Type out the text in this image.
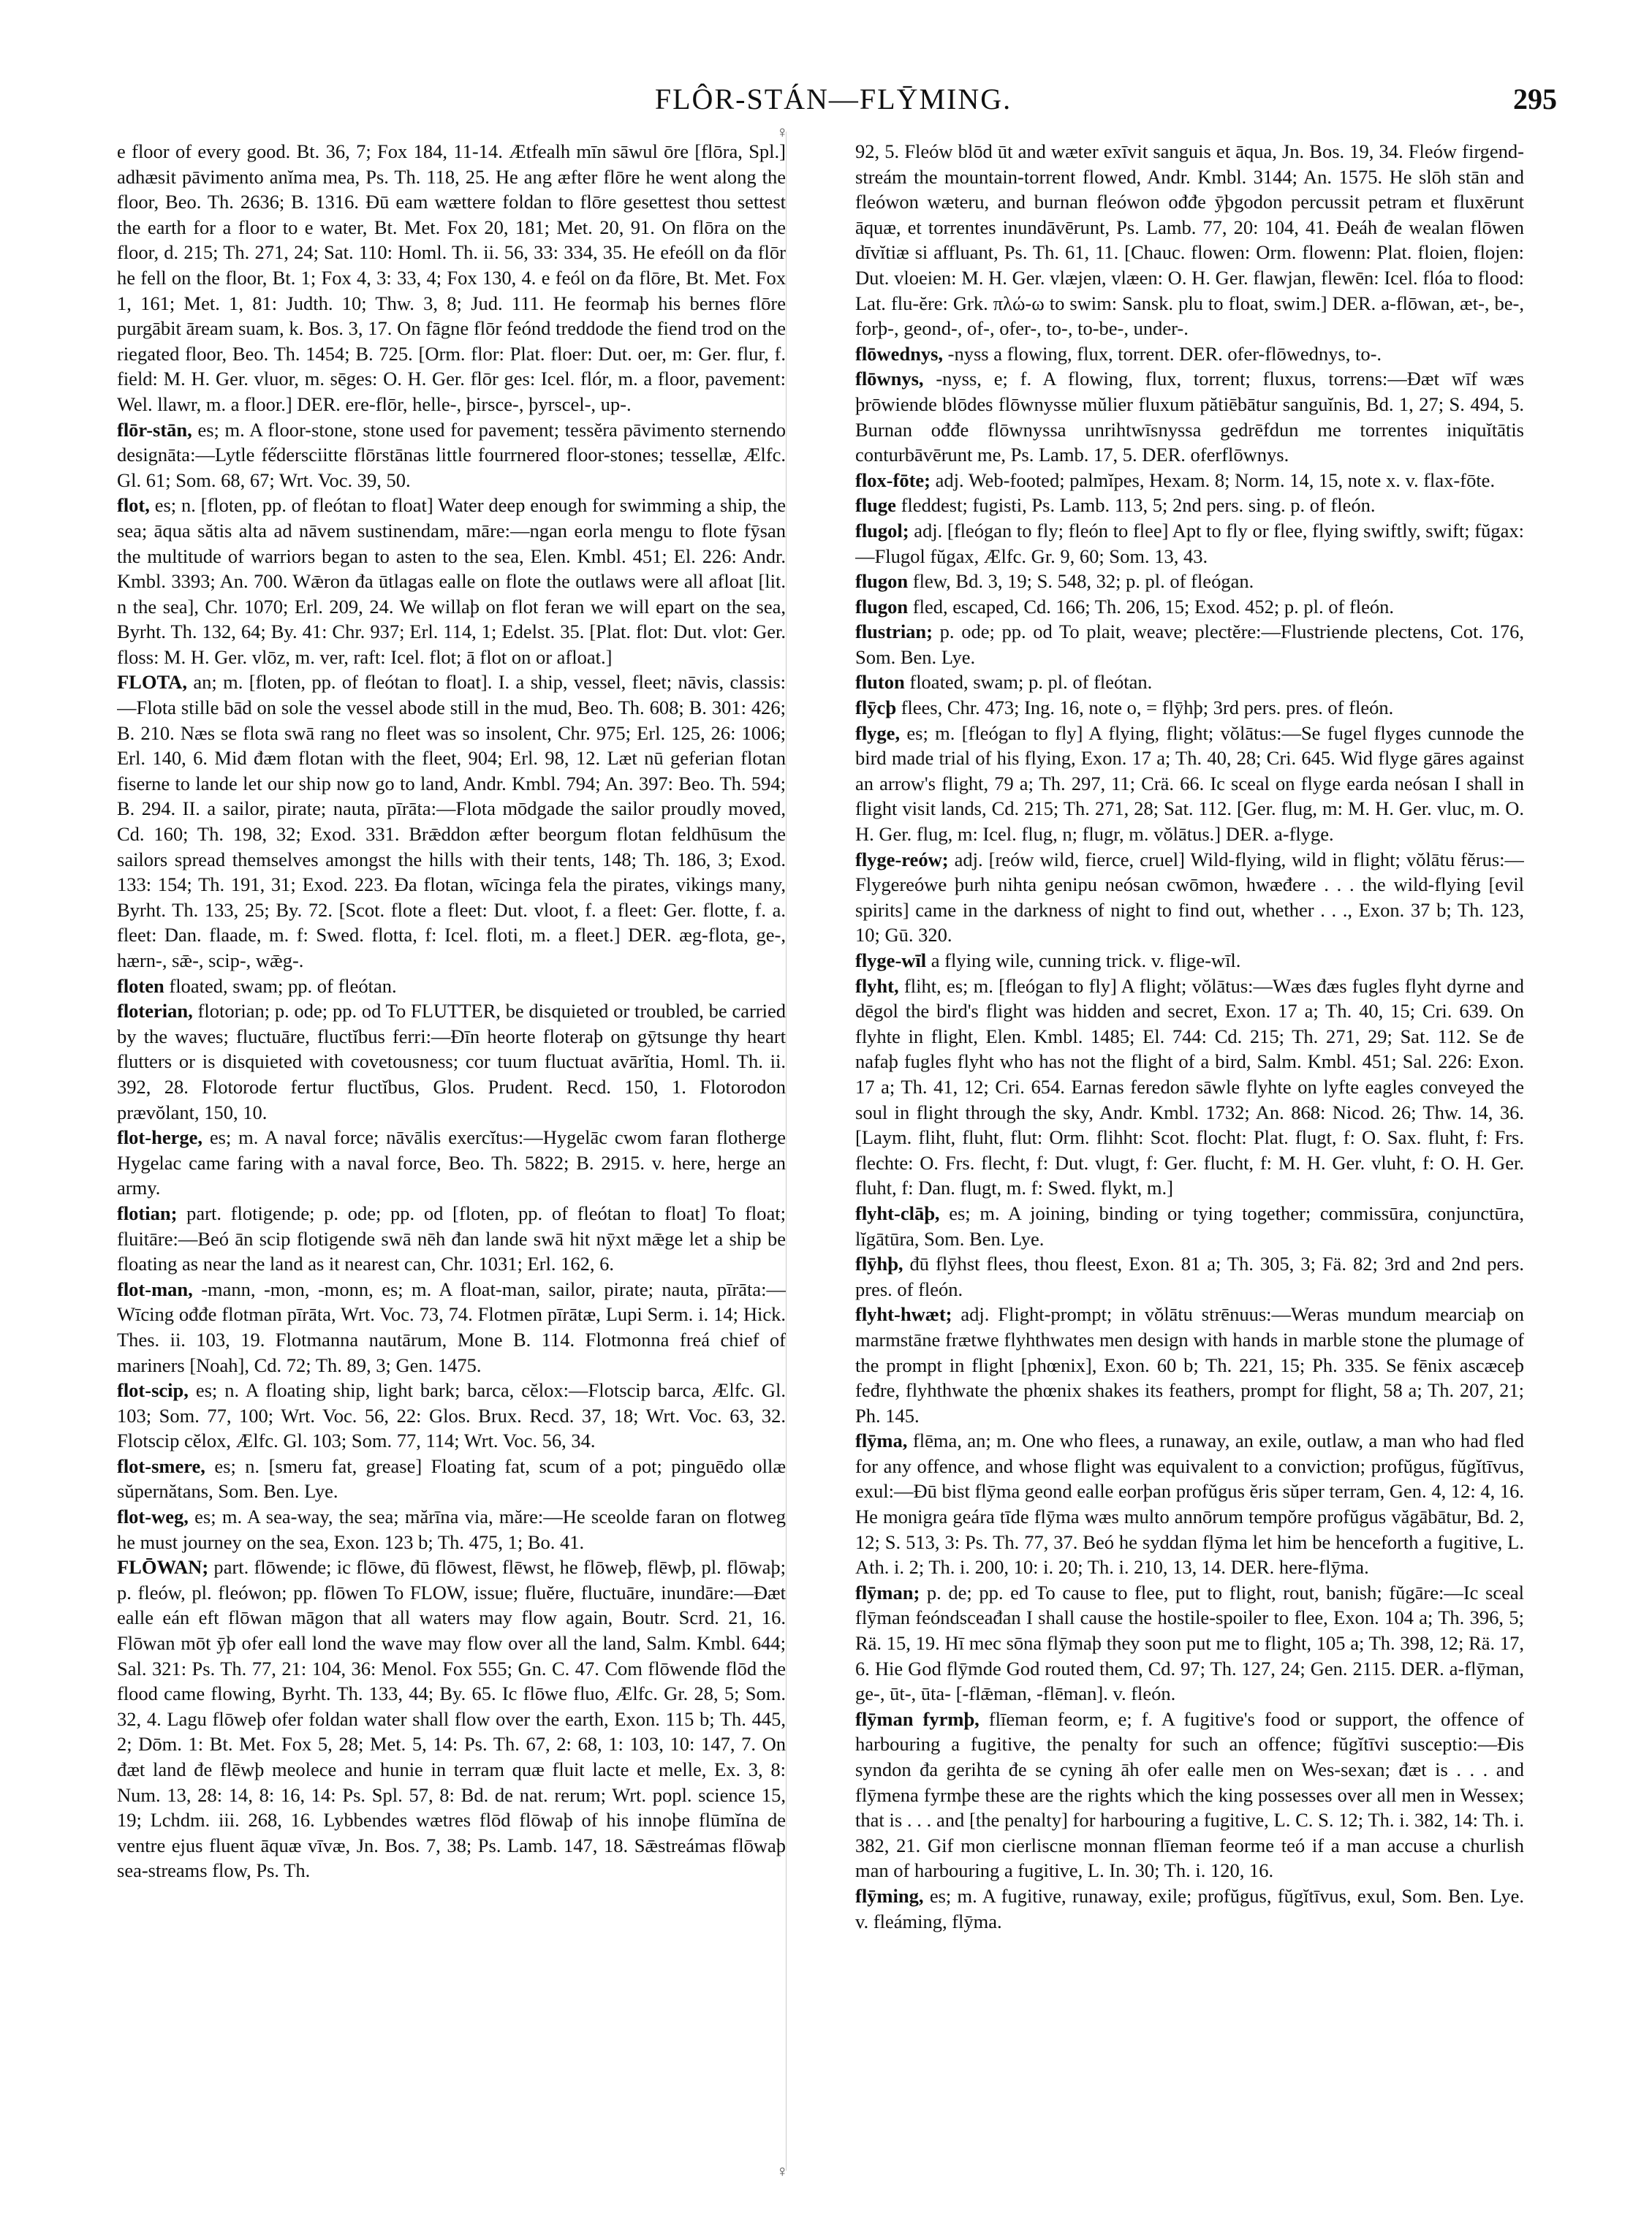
FLÔR-STÁN—FLȲMING.	295
♀

e floor of every good. Bt. 36, 7; Fox 184, 11-14. Ætfealh mīn sāwul ōre [flōra, Spl.] adhæsit pāvimento anĭma mea, Ps. Th. 118, 25. He ang æfter flōre he went along the floor, Beo. Th. 2636; B. 1316. Đū eam wættere foldan to flōre gesettest thou settest the earth for a floor to e water, Bt. Met. Fox 20, 181; Met. 20, 91. On flōra on the floor, d. 215; Th. 271, 24; Sat. 110: Homl. Th. ii. 56, 33: 334, 35. He efeóll on đa flōr he fell on the floor, Bt. 1; Fox 4, 3: 33, 4; Fox 130, 4. e feól on đa flōre, Bt. Met. Fox 1, 161; Met. 1, 81: Judth. 10; Thw. 3, 8; Jud. 111. He feormaþ his bernes flōre purgābit āream suam, k. Bos. 3, 17. On fāgne flōr feónd treddode the fiend trod on the riegated floor, Beo. Th. 1454; B. 725. [Orm. flor: Plat. floer: Dut. oer, m: Ger. flur, f. field: M. H. Ger. vluor, m. sēges: O. H. Ger. flōr ges: Icel. flór, m. a floor, pavement: Wel. llawr, m. a floor.] DER. ere-flōr, helle-, þirsce-, þyrscel-, up-.

flōr-stān, es; m. A floor-stone, stone used for pavement; tessĕra pāvimento sternendo designāta:—Lytle fe̋dersciitte flōrstānas little fourrnered floor-stones; tessellæ, Ælfc. Gl. 61; Som. 68, 67; Wrt. Voc. 39, 50.

flot, es; n. [floten, pp. of fleótan to float] Water deep enough for swimming a ship, the sea; āqua sătis alta ad nāvem sustinendam, māre:—ngan eorla mengu to flote fȳsan the multitude of warriors began to asten to the sea, Elen. Kmbl. 451; El. 226: Andr. Kmbl. 3393; An. 700. Wǣron đa ūtlagas ealle on flote the outlaws were all afloat [lit. n the sea], Chr. 1070; Erl. 209, 24. We willaþ on flot feran we will epart on the sea, Byrht. Th. 132, 64; By. 41: Chr. 937; Erl. 114, 1; Edelst. 35. [Plat. flot: Dut. vlot: Ger. floss: M. H. Ger. vlōz, m. ver, raft: Icel. flot; ā flot on or afloat.]

FLOTA, an; m. [floten, pp. of fleótan to float]. I. a ship, vessel, fleet; nāvis, classis:—Flota stille bād on sole the vessel abode still in the mud, Beo. Th. 608; B. 301: 426; B. 210. Næs se flota swā rang no fleet was so insolent, Chr. 975; Erl. 125, 26: 1006; Erl. 140, 6. Mid đæm flotan with the fleet, 904; Erl. 98, 12. Læt nū geferian flotan fiserne to lande let our ship now go to land, Andr. Kmbl. 794; An. 397: Beo. Th. 594; B. 294. II. a sailor, pirate; nauta, pīrāta:—Flota mōdgade the sailor proudly moved, Cd. 160; Th. 198, 32; Exod. 331. Brǣddon æfter beorgum flotan feldhūsum the sailors spread themselves amongst the hills with their tents, 148; Th. 186, 3; Exod. 133: 154; Th. 191, 31; Exod. 223. Đa flotan, wīcinga fela the pirates, vikings many, Byrht. Th. 133, 25; By. 72. [Scot. flote a fleet: Dut. vloot, f. a fleet: Ger. flotte, f. a. fleet: Dan. flaade, m. f: Swed. flotta, f: Icel. floti, m. a fleet.] DER. æg-flota, ge-, hærn-, sǣ-, scip-, wǣg-.

floten floated, swam; pp. of fleótan.

floterian, flotorian; p. ode; pp. od To FLUTTER, be disquieted or troubled, be carried by the waves; fluctuāre, fluctĭbus ferri:—Đīn heorte floteraþ on gȳtsunge thy heart flutters or is disquieted with covetousness; cor tuum fluctuat avārĭtia, Homl. Th. ii. 392, 28. Flotorode fertur fluctĭbus, Glos. Prudent. Recd. 150, 1. Flotorodon prævŏlant, 150, 10.

flot-herge, es; m. A naval force; nāvālis exercĭtus:—Hygelāc cwom faran flotherge Hygelac came faring with a naval force, Beo. Th. 5822; B. 2915. v. here, herge an army.

flotian; part. flotigende; p. ode; pp. od [floten, pp. of fleótan to float] To float; fluitāre:—Beó ān scip flotigende swā nēh đan lande swā hit nȳxt mǣge let a ship be floating as near the land as it nearest can, Chr. 1031; Erl. 162, 6.

flot-man, -mann, -mon, -monn, es; m. A float-man, sailor, pirate; nauta, pīrāta:—Wīcing ođđe flotman pīrāta, Wrt. Voc. 73, 74. Flotmen pīrātæ, Lupi Serm. i. 14; Hick. Thes. ii. 103, 19. Flotmanna nautārum, Mone B. 114. Flotmonna freá chief of mariners [Noah], Cd. 72; Th. 89, 3; Gen. 1475.

flot-scip, es; n. A floating ship, light bark; barca, cĕlox:—Flotscip barca, Ælfc. Gl. 103; Som. 77, 100; Wrt. Voc. 56, 22: Glos. Brux. Recd. 37, 18; Wrt. Voc. 63, 32. Flotscip cĕlox, Ælfc. Gl. 103; Som. 77, 114; Wrt. Voc. 56, 34.

flot-smere, es; n. [smeru fat, grease] Floating fat, scum of a pot; pinguēdo ollæ sŭpernătans, Som. Ben. Lye.

flot-weg, es; m. A sea-way, the sea; mărīna via, măre:—He sceolde faran on flotweg he must journey on the sea, Exon. 123 b; Th. 475, 1; Bo. 41.

FLŌWAN; part. flōwende; ic flōwe, đū flōwest, flēwst, he flōweþ, flēwþ, pl. flōwaþ; p. fleów, pl. fleówon; pp. flōwen To FLOW, issue; fluĕre, fluctuāre, inundāre:—Đæt ealle eán eft flōwan māgon that all waters may flow again, Boutr. Scrd. 21, 16. Flōwan mōt ȳþ ofer eall lond the wave may flow over all the land, Salm. Kmbl. 644; Sal. 321: Ps. Th. 77, 21: 104, 36: Menol. Fox 555; Gn. C. 47. Com flōwende flōd the flood came flowing, Byrht. Th. 133, 44; By. 65. Ic flōwe fluo, Ælfc. Gr. 28, 5; Som. 32, 4. Lagu flōweþ ofer foldan water shall flow over the earth, Exon. 115 b; Th. 445, 2; Dōm. 1: Bt. Met. Fox 5, 28; Met. 5, 14: Ps. Th. 67, 2: 68, 1: 103, 10: 147, 7. On đæt land đe flēwþ meolece and hunie in terram quæ fluit lacte et melle, Ex. 3, 8: Num. 13, 28: 14, 8: 16, 14: Ps. Spl. 57, 8: Bd. de nat. rerum; Wrt. popl. science 15, 19; Lchdm. iii. 268, 16. Lybbendes wætres flōd flōwaþ of his innoþe flūmĭna de ventre ejus fluent āquæ vīvæ, Jn. Bos. 7, 38; Ps. Lamb. 147, 18. Sǣstreámas flōwaþ sea-streams flow, Ps. Th.

92, 5. Fleów blōd ūt and wæter exīvit sanguis et āqua, Jn. Bos. 19, 34. Fleów firgend-streám the mountain-torrent flowed, Andr. Kmbl. 3144; An. 1575. He slōh stān and fleówon wæteru, and burnan fleówon ođđe ȳþgodon percussit petram et fluxērunt āquæ, et torrentes inundāvērunt, Ps. Lamb. 77, 20: 104, 41. Đeáh đe wealan flōwen dīvĭtiæ si affluant, Ps. Th. 61, 11. [Chauc. flowen: Orm. flowenn: Plat. floien, flojen: Dut. vloeien: M. H. Ger. vlæjen, vlæen: O. H. Ger. flawjan, flewēn: Icel. flóa to flood: Lat. flu-ĕre: Grk. πλώ-ω to swim: Sansk. plu to float, swim.] DER. a-flōwan, æt-, be-, forþ-, geond-, of-, ofer-, to-, to-be-, under-.

flōwednys, -nyss a flowing, flux, torrent. DER. ofer-flōwednys, to-.

flōwnys, -nyss, e; f. A flowing, flux, torrent; fluxus, torrens:—Đæt wīf wæs þrōwiende blōdes flōwnysse mŭlier fluxum pătiēbātur sanguĭnis, Bd. 1, 27; S. 494, 5. Burnan ođđe flōwnyssa unrihtwīsnyssa gedrēfdun me torrentes iniquĭtātis conturbāvērunt me, Ps. Lamb. 17, 5. DER. oferflōwnys.

flox-fōte; adj. Web-footed; palmĭpes, Hexam. 8; Norm. 14, 15, note x. v. flax-fōte.

fluge fleddest; fugisti, Ps. Lamb. 113, 5; 2nd pers. sing. p. of fleón.

flugol; adj. [fleógan to fly; fleón to flee] Apt to fly or flee, flying swiftly, swift; fŭgax:—Flugol fŭgax, Ælfc. Gr. 9, 60; Som. 13, 43.

flugon flew, Bd. 3, 19; S. 548, 32; p. pl. of fleógan.

flugon fled, escaped, Cd. 166; Th. 206, 15; Exod. 452; p. pl. of fleón.

flustrian; p. ode; pp. od To plait, weave; plectĕre:—Flustriende plectens, Cot. 176, Som. Ben. Lye.

fluton floated, swam; p. pl. of fleótan.

flȳcþ flees, Chr. 473; Ing. 16, note o, = flȳhþ; 3rd pers. pres. of fleón.

flyge, es; m. [fleógan to fly] A flying, flight; vŏlātus:—Se fugel flyges cunnode the bird made trial of his flying, Exon. 17 a; Th. 40, 28; Cri. 645. Wid flyge gāres against an arrow's flight, 79 a; Th. 297, 11; Crä. 66. Ic sceal on flyge earda neósan I shall in flight visit lands, Cd. 215; Th. 271, 28; Sat. 112. [Ger. flug, m: M. H. Ger. vluc, m. O. H. Ger. flug, m: Icel. flug, n; flugr, m. vŏlātus.] DER. a-flyge.

flyge-reów; adj. [reów wild, fierce, cruel] Wild-flying, wild in flight; vŏlātu fĕrus:—Flygereówe þurh nihta genipu neósan cwōmon, hwæđere . . . the wild-flying [evil spirits] came in the darkness of night to find out, whether . . ., Exon. 37 b; Th. 123, 10; Gū. 320.

flyge-wīl a flying wile, cunning trick. v. flige-wīl.

flyht, fliht, es; m. [fleógan to fly] A flight; vŏlātus:—Wæs đæs fugles flyht dyrne and dēgol the bird's flight was hidden and secret, Exon. 17 a; Th. 40, 15; Cri. 639. On flyhte in flight, Elen. Kmbl. 1485; El. 744: Cd. 215; Th. 271, 29; Sat. 112. Se đe nafaþ fugles flyht who has not the flight of a bird, Salm. Kmbl. 451; Sal. 226: Exon. 17 a; Th. 41, 12; Cri. 654. Earnas feredon sāwle flyhte on lyfte eagles conveyed the soul in flight through the sky, Andr. Kmbl. 1732; An. 868: Nicod. 26; Thw. 14, 36. [Laym. fliht, fluht, flut: Orm. flihht: Scot. flocht: Plat. flugt, f: O. Sax. fluht, f: Frs. flechte: O. Frs. flecht, f: Dut. vlugt, f: Ger. flucht, f: M. H. Ger. vluht, f: O. H. Ger. fluht, f: Dan. flugt, m. f: Swed. flykt, m.]

flyht-clāþ, es; m. A joining, binding or tying together; commissūra, conjunctūra, lĭgātūra, Som. Ben. Lye.

flȳhþ, đū flȳhst flees, thou fleest, Exon. 81 a; Th. 305, 3; Fä. 82; 3rd and 2nd pers. pres. of fleón.

flyht-hwæt; adj. Flight-prompt; in vŏlātu strēnuus:—Weras mundum mearciaþ on marmstāne frætwe flyhthwates men design with hands in marble stone the plumage of the prompt in flight [phœnix], Exon. 60 b; Th. 221, 15; Ph. 335. Se fēnix ascæceþ feđre, flyhthwate the phœnix shakes its feathers, prompt for flight, 58 a; Th. 207, 21; Ph. 145.

flȳma, flēma, an; m. One who flees, a runaway, an exile, outlaw, a man who had fled for any offence, and whose flight was equivalent to a conviction; profŭgus, fŭgĭtīvus, exul:—Đū bist flȳma geond ealle eorþan profŭgus ĕris sŭper terram, Gen. 4, 12: 4, 16. He monigra geára tīde flȳma wæs multo annōrum tempŏre profŭgus văgābātur, Bd. 2, 12; S. 513, 3: Ps. Th. 77, 37. Beó he syddan flȳma let him be henceforth a fugitive, L. Ath. i. 2; Th. i. 200, 10: i. 20; Th. i. 210, 13, 14. DER. here-flȳma.

flȳman; p. de; pp. ed To cause to flee, put to flight, rout, banish; fŭgāre:—Ic sceal flȳman feóndsceađan I shall cause the hostile-spoiler to flee, Exon. 104 a; Th. 396, 5; Rä. 15, 19. Hī mec sōna flȳmaþ they soon put me to flight, 105 a; Th. 398, 12; Rä. 17, 6. Hie God flȳmde God routed them, Cd. 97; Th. 127, 24; Gen. 2115. DER. a-flȳman, ge-, ūt-, ūta- [-flǣman, -flēman]. v. fleón.

flȳman fyrmþ, flīeman feorm, e; f. A fugitive's food or support, the offence of harbouring a fugitive, the penalty for such an offence; fŭgĭtīvi susceptio:—Đis syndon đa gerihta đe se cyning āh ofer ealle men on Wes-sexan; đæt is . . . and flȳmena fyrmþe these are the rights which the king possesses over all men in Wessex; that is . . . and [the penalty] for harbouring a fugitive, L. C. S. 12; Th. i. 382, 14: Th. i. 382, 21. Gif mon cierliscne monnan flīeman feorme teó if a man accuse a churlish man of harbouring a fugitive, L. In. 30; Th. i. 120, 16.

flȳming, es; m. A fugitive, runaway, exile; profŭgus, fŭgĭtīvus, exul, Som. Ben. Lye. v. fleáming, flȳma.

♀
